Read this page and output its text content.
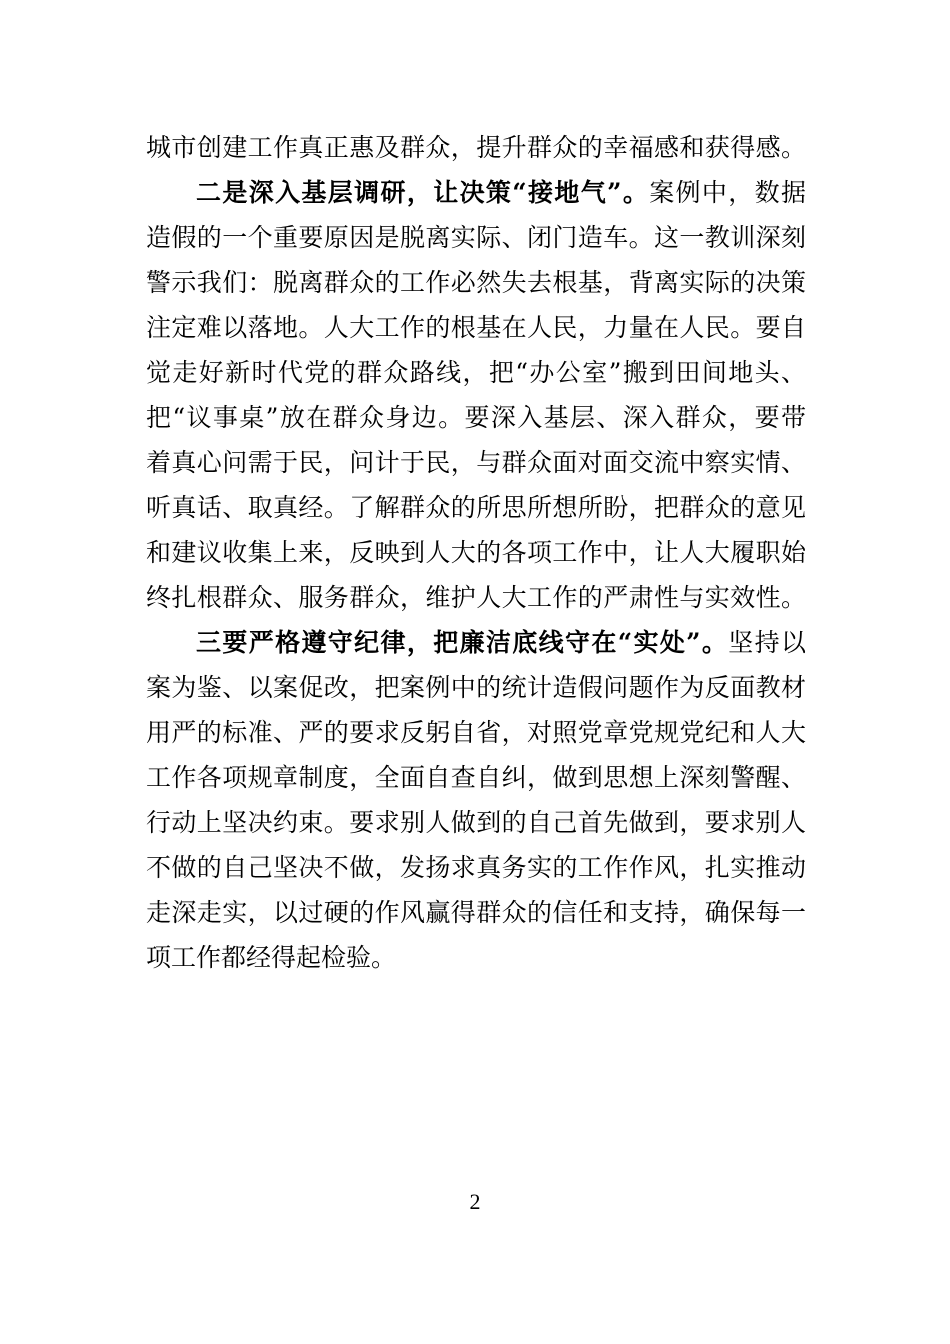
城市创建工作真正惠及群众，提升群众的幸福感和获得感。
二是深入基层调研，让决策“接地气”。案例中，数据
造假的一个重要原因是脱离实际、闭门造车。这一教训深刻
警示我们：脱离群众的工作必然失去根基，背离实际的决策
注定难以落地。人大工作的根基在人民，力量在人民。要自
觉走好新时代党的群众路线，把“办公室”搬到田间地头、
把“议事桌”放在群众身边。要深入基层、深入群众，要带
着真心问需于民，问计于民，与群众面对面交流中察实情、
听真话、取真经。了解群众的所思所想所盼，把群众的意见
和建议收集上来，反映到人大的各项工作中，让人大履职始
终扎根群众、服务群众，维护人大工作的严肃性与实效性。
三要严格遵守纪律，把廉洁底线守在“实处”。坚持以
案为鉴、以案促改，把案例中的统计造假问题作为反面教材
用严的标准、严的要求反躬自省，对照党章党规党纪和人大
工作各项规章制度，全面自查自纠，做到思想上深刻警醒、
行动上坚决约束。要求别人做到的自己首先做到，要求别人
不做的自己坚决不做，发扬求真务实的工作作风，扎实推动
走深走实，以过硬的作风赢得群众的信任和支持，确保每一
项工作都经得起检验。
2
